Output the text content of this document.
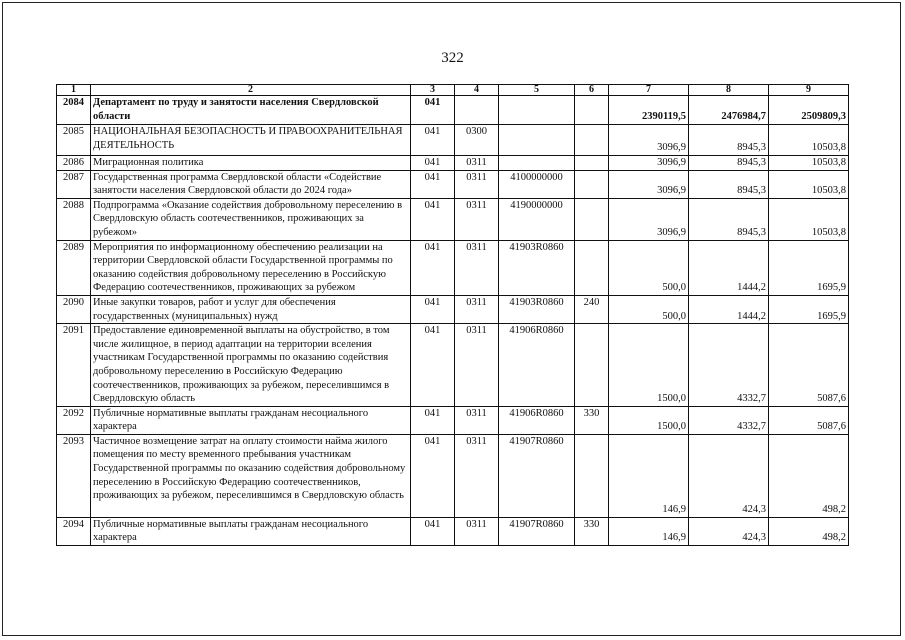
322
1	2	3	4	5	6	7	8	9
2084	Департамент по труду и занятости населения Свердловской области	041				2390119,5	2476984,7	2509809,3
2085	НАЦИОНАЛЬНАЯ БЕЗОПАСНОСТЬ И ПРАВООХРАНИТЕЛЬНАЯ ДЕЯТЕЛЬНОСТЬ	041	0300			3096,9	8945,3	10503,8
2086	Миграционная политика	041	0311			3096,9	8945,3	10503,8
2087	Государственная программа Свердловской области «Содействие занятости населения Свердловской области до 2024 года»	041	0311	4100000000		3096,9	8945,3	10503,8
2088	Подпрограмма «Оказание содействия добровольному переселению в Свердловскую область соотечественников, проживающих за рубежом»	041	0311	4190000000		3096,9	8945,3	10503,8
2089	Мероприятия по информационному обеспечению реализации на территории Свердловской области Государственной программы по оказанию содействия добровольному переселению в Российскую Федерацию соотечественников, проживающих за рубежом	041	0311	41903R0860		500,0	1444,2	1695,9
2090	Иные закупки товаров, работ и услуг для обеспечения государственных (муниципальных) нужд	041	0311	41903R0860	240	500,0	1444,2	1695,9
2091	Предоставление единовременной выплаты на обустройство, в том числе жилищное, в период адаптации на территории вселения участникам Государственной программы по оказанию содействия добровольному переселению в Российскую Федерацию соотечественников, проживающих за рубежом, переселившимся в Свердловскую область	041	0311	41906R0860		1500,0	4332,7	5087,6
2092	Публичные нормативные выплаты гражданам несоциального характера	041	0311	41906R0860	330	1500,0	4332,7	5087,6
2093	Частичное возмещение затрат на оплату стоимости найма жилого помещения по месту временного пребывания участникам Государственной программы по оказанию содействия добровольному переселению в Российскую Федерацию соотечественников, проживающих за рубежом, переселившимся в Свердловскую область	041	0311	41907R0860		146,9	424,3	498,2
2094	Публичные нормативные выплаты гражданам несоциального характера	041	0311	41907R0860	330	146,9	424,3	498,2
